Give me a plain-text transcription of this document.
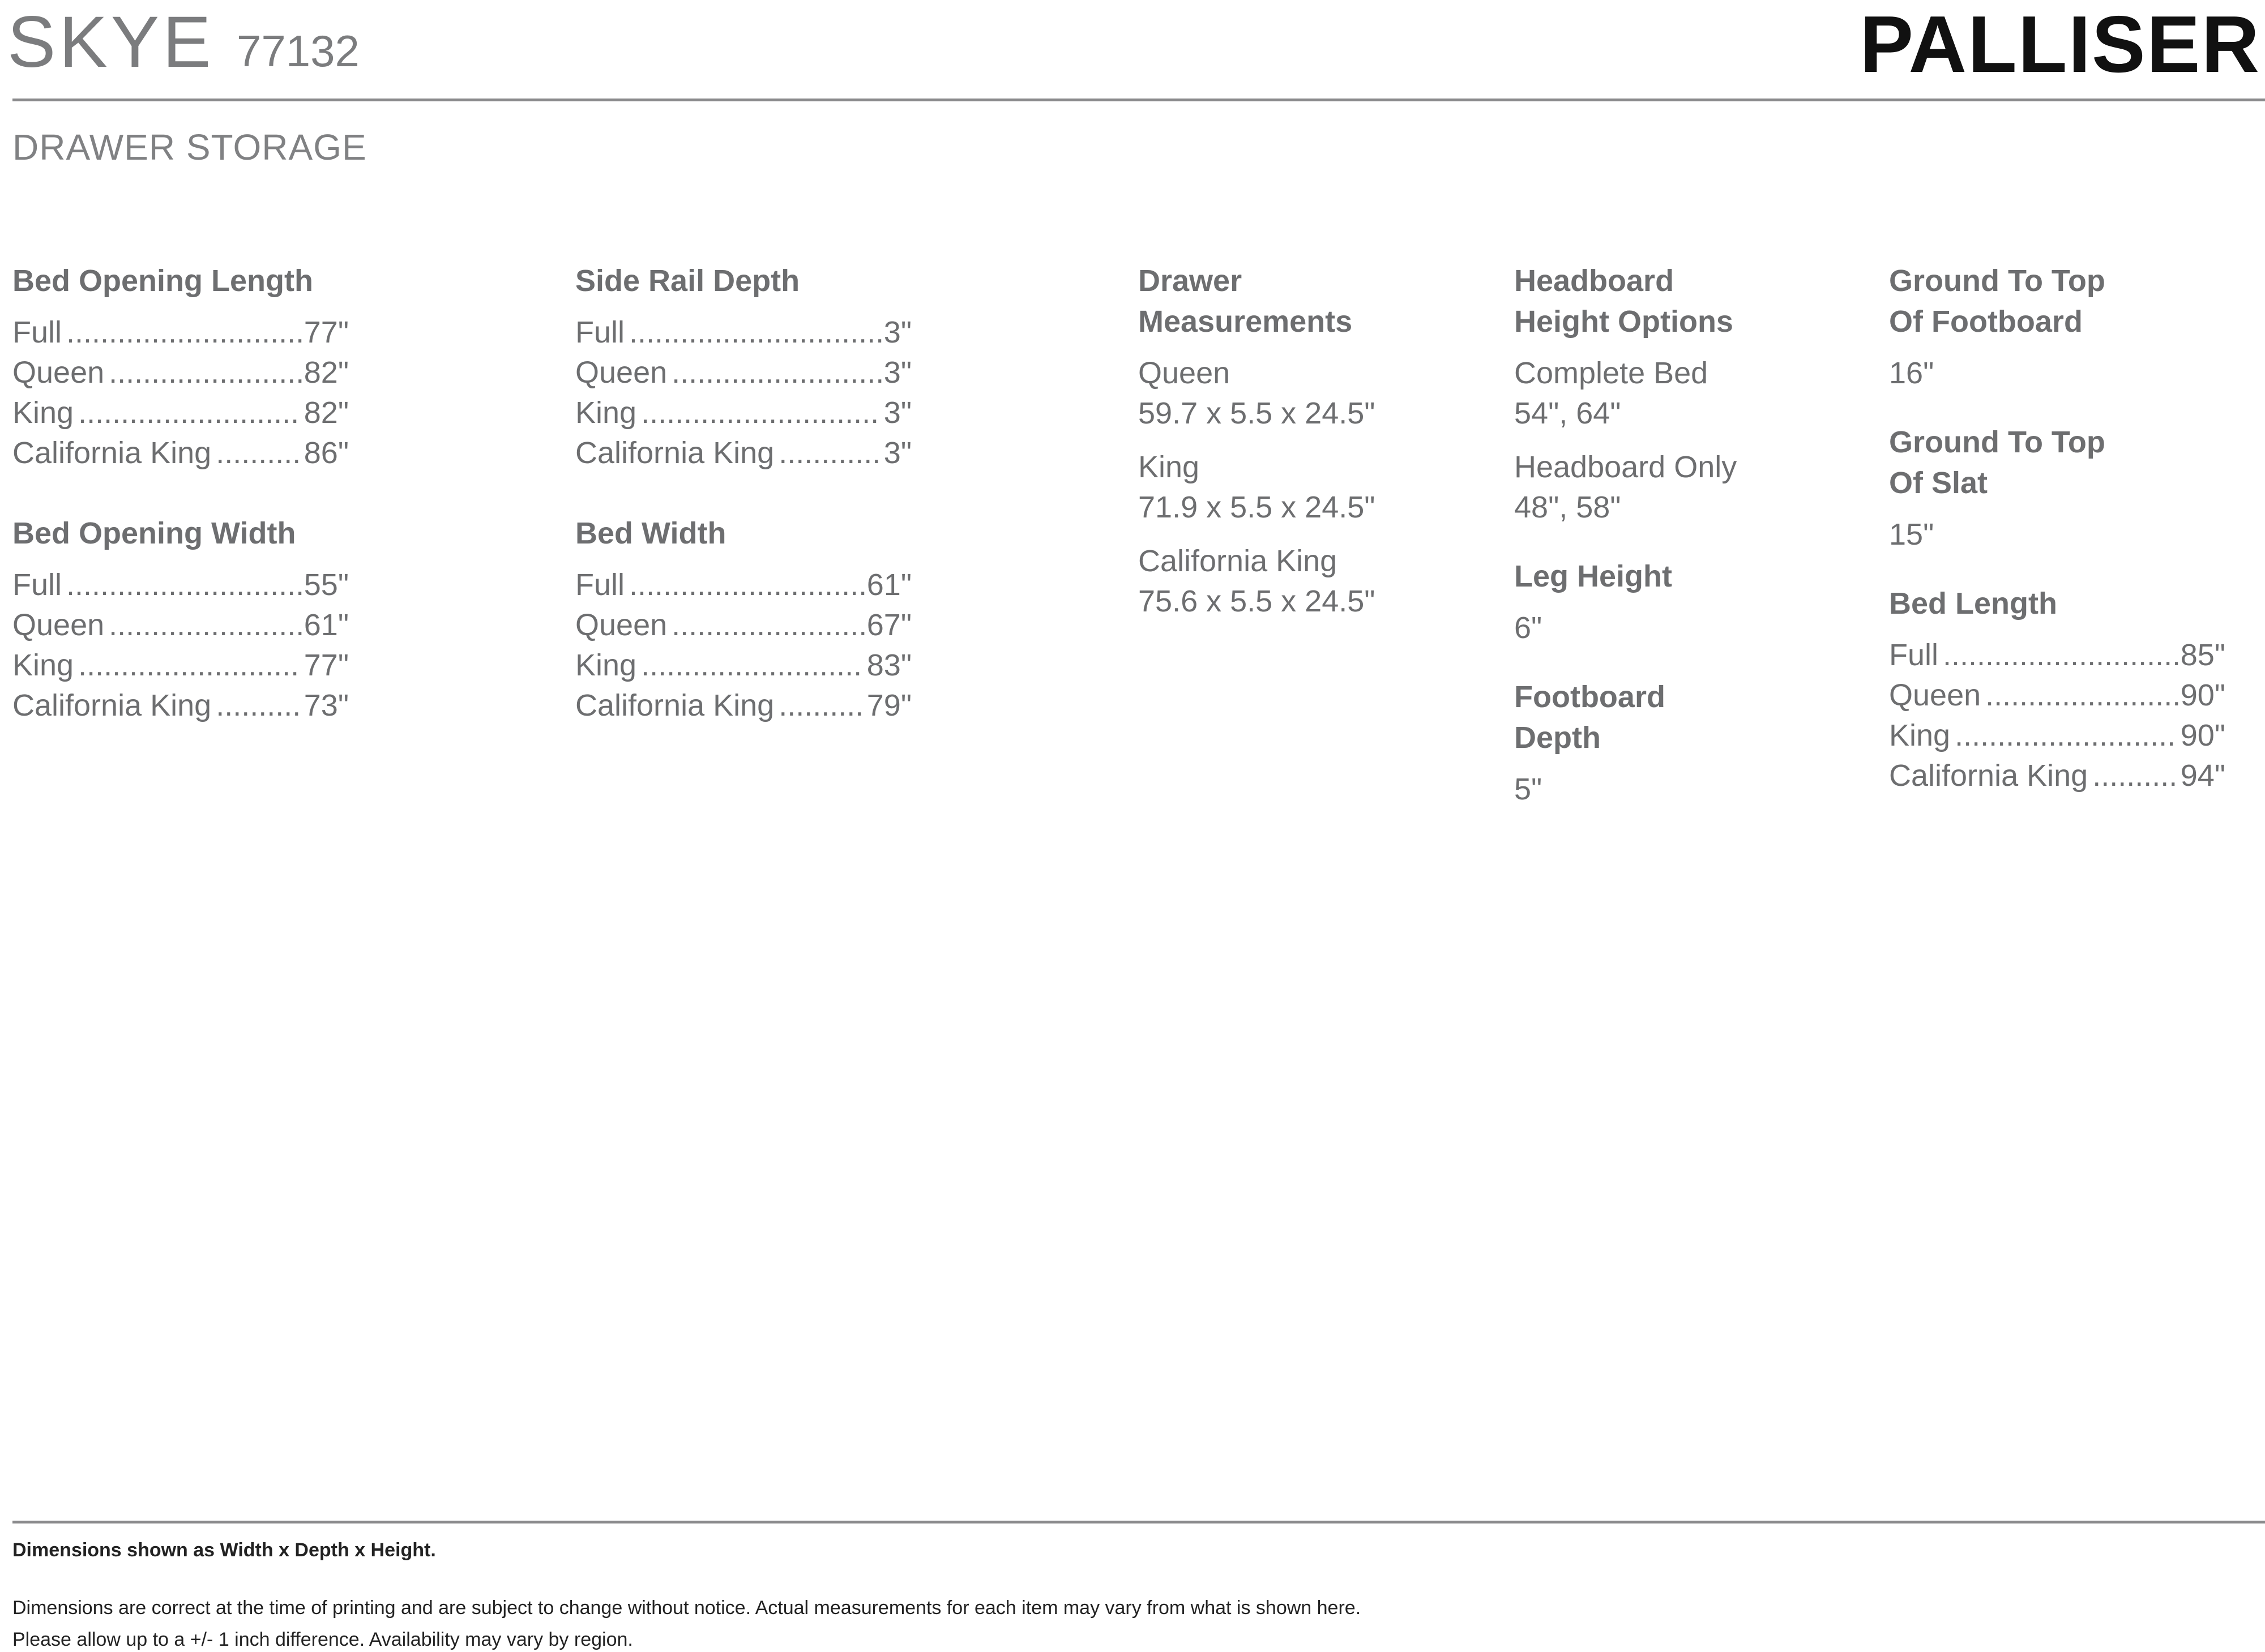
SKYE 77132	PALLISER
DRAWER STORAGE
Bed Opening Length
Full .....	77"
Queen .....	82"
King .....	82"
California King .....	86"
Bed Opening Width
Full .....	55"
Queen .....	61"
King .....	77"
California King .....	73"
Side Rail Depth
Full .....	3"
Queen .....	3"
King .....	3"
California King .....	3"
Bed Width
Full .....	61"
Queen .....	67"
King .....	83"
California King .....	79"
Drawer
Measurements
Queen
59.7 x 5.5 x 24.5"
King
71.9 x 5.5 x 24.5"
California King
75.6 x 5.5 x 24.5"
Headboard
Height Options
Complete Bed
54", 64"
Headboard Only
48", 58"
Leg Height
6"
Footboard
Depth
5"
Ground To Top
Of Footboard
16"
Ground To Top
Of Slat
15"
Bed Length
Full .....	85"
Queen .....	90"
King .....	90"
California King .....	94"
Dimensions shown as Width x Depth x Height.
Dimensions are correct at the time of printing and are subject to change without notice. Actual measurements for each item may vary from what is shown here.
Please allow up to a +/- 1 inch difference. Availability may vary by region.
